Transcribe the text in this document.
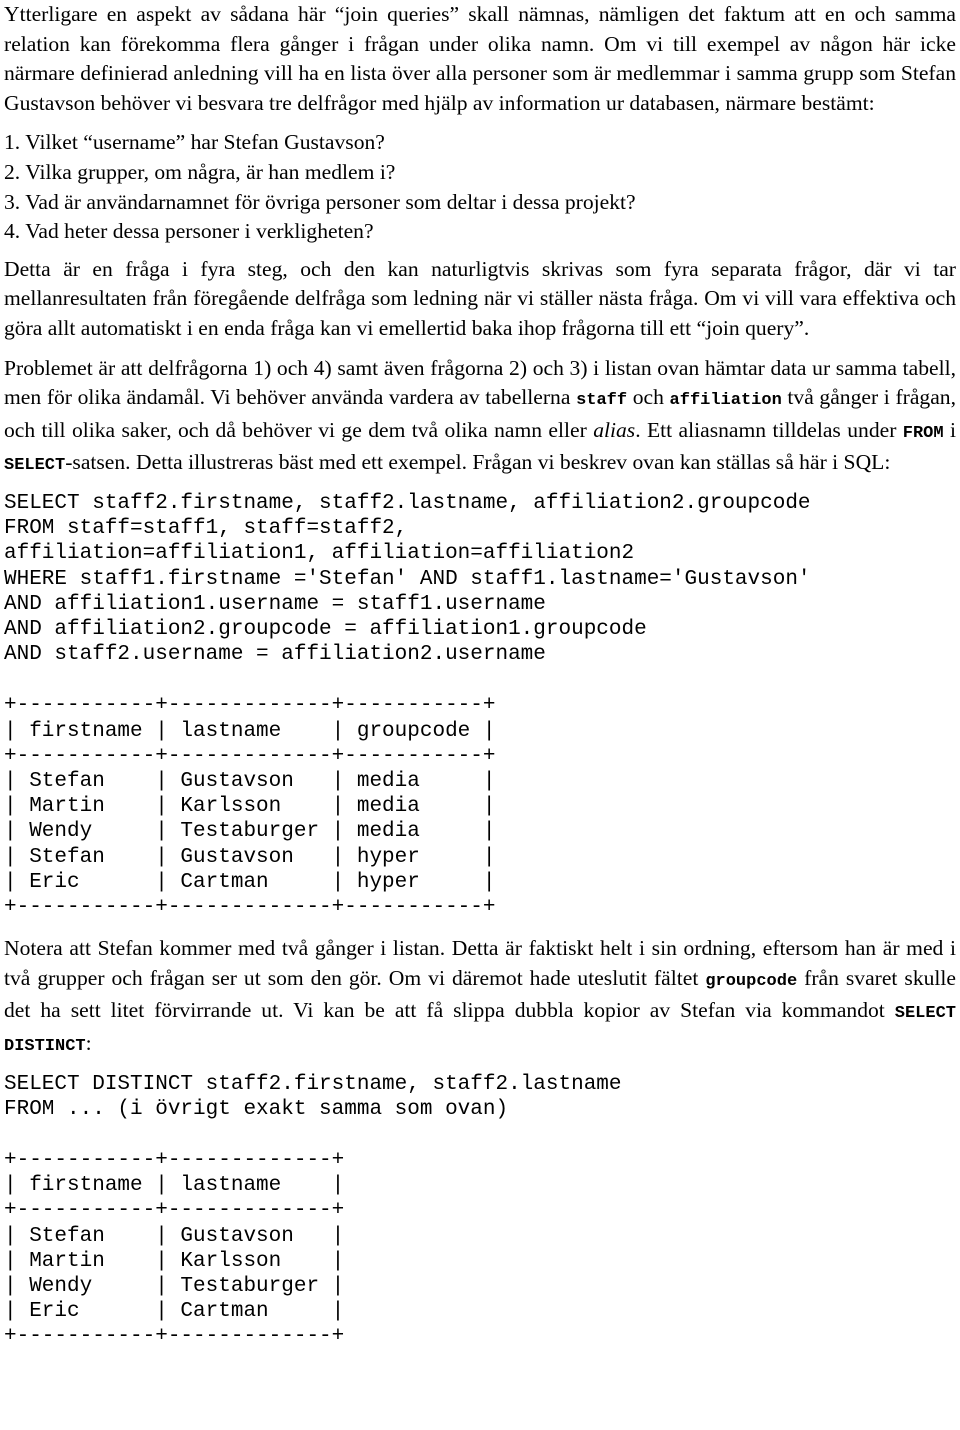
Ytterligare en aspekt av sådana här “join queries” skall nämnas, nämligen det faktum att en och samma relation kan förekomma flera gånger i frågan under olika namn. Om vi till exempel av någon här icke närmare definierad anledning vill ha en lista över alla personer som är medlemmar i samma grupp som Stefan Gustavson behöver vi besvara tre delfrågor med hjälp av information ur databasen, närmare bestämt:

1. Vilket “username” har Stefan Gustavson?
2. Vilka grupper, om några, är han medlem i?
3. Vad är användarnamnet för övriga personer som deltar i dessa projekt?
4. Vad heter dessa personer i verkligheten?

Detta är en fråga i fyra steg, och den kan naturligtvis skrivas som fyra separata frågor, där vi tar mellanresultaten från föregående delfråga som ledning när vi ställer nästa fråga. Om vi vill vara effektiva och göra allt automatiskt i en enda fråga kan vi emellertid baka ihop frågorna till ett “join query”.

Problemet är att delfrågorna 1) och 4) samt även frågorna 2) och 3) i listan ovan hämtar data ur samma tabell, men för olika ändamål. Vi behöver använda vardera av tabellerna staff och affiliation två gånger i frågan, och till olika saker, och då behöver vi ge dem två olika namn eller alias. Ett aliasnamn tilldelas under FROM i SELECT-satsen. Detta illustreras bäst med ett exempel. Frågan vi beskrev ovan kan ställas så här i SQL:

SELECT staff2.firstname, staff2.lastname, affiliation2.groupcode
FROM staff=staff1, staff=staff2,
affiliation=affiliation1, affiliation=affiliation2
WHERE staff1.firstname ='Stefan' AND staff1.lastname='Gustavson'
AND affiliation1.username = staff1.username
AND affiliation2.groupcode = affiliation1.groupcode
AND staff2.username = affiliation2.username
+-----------+-------------+-----------+
| firstname | lastname    | groupcode |
+-----------+-------------+-----------+
| Stefan    | Gustavson   | media     |
| Martin    | Karlsson    | media     |
| Wendy     | Testaburger | media     |
| Stefan    | Gustavson   | hyper     |
| Eric      | Cartman     | hyper     |
+-----------+-------------+-----------+

Notera att Stefan kommer med två gånger i listan. Detta är faktiskt helt i sin ordning, eftersom han är med i två grupper och frågan ser ut som den gör. Om vi däremot hade uteslutit fältet groupcode från svaret skulle det ha sett litet förvirrande ut. Vi kan be att få slippa dubbla kopior av Stefan via kommandot SELECT DISTINCT:

SELECT DISTINCT staff2.firstname, staff2.lastname
FROM ... (i övrigt exakt samma som ovan)
+-----------+-------------+
| firstname | lastname    |
+-----------+-------------+
| Stefan    | Gustavson   |
| Martin    | Karlsson    |
| Wendy     | Testaburger |
| Eric      | Cartman     |
+-----------+-------------+
